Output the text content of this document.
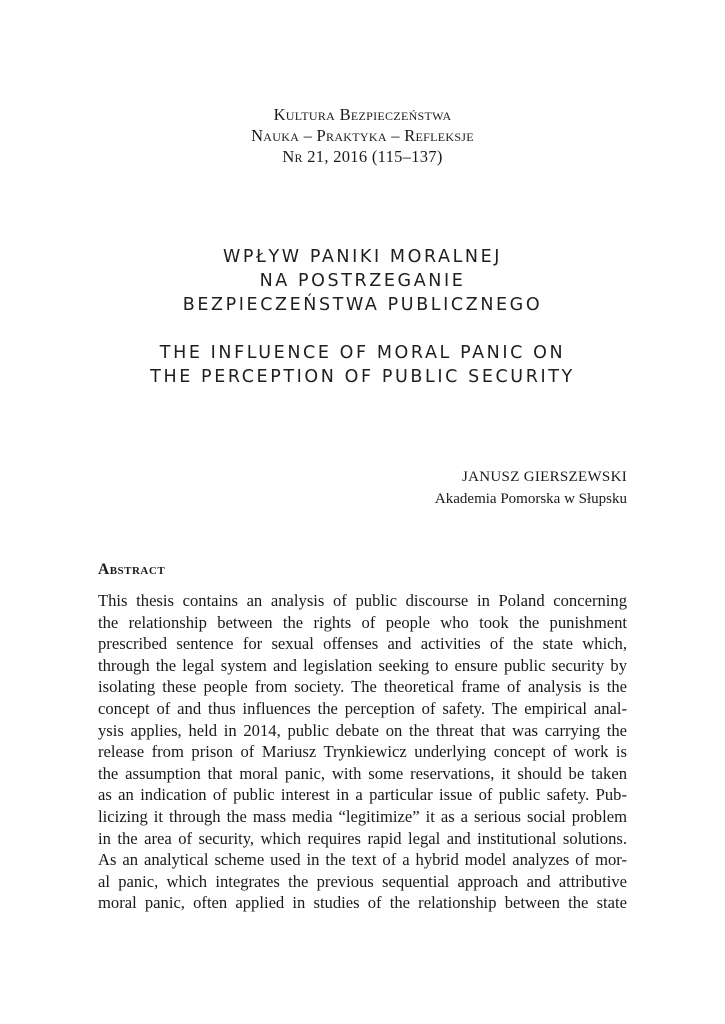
Kultura Bezpieczeństwa
Nauka – Praktyka – Refleksje
Nr 21, 2016 (115–137)
WPŁYW PANIKI MORALNEJ
NA POSTRZEGANIE
BEZPIECZEŃSTWA PUBLICZNEGO
THE INFLUENCE OF MORAL PANIC ON
THE PERCEPTION OF PUBLIC SECURITY
JANUSZ GIERSZEWSKI
Akademia Pomorska w Słupsku
Abstract
This thesis contains an analysis of public discourse in Poland concerning
the relationship between the rights of people who took the punishment
prescribed sentence for sexual offenses and activities of the state which,
through the legal system and legislation seeking to ensure public security by
isolating these people from society. The theoretical frame of analysis is the
concept of and thus influences the perception of safety. The empirical anal-
ysis applies, held in 2014, public debate on the threat that was carrying the
release from prison of Mariusz Trynkiewicz underlying concept of work is
the assumption that moral panic, with some reservations, it should be taken
as an indication of public interest in a particular issue of public safety. Pub-
licizing it through the mass media “legitimize” it as a serious social problem
in the area of security, which requires rapid legal and institutional solutions.
As an analytical scheme used in the text of a hybrid model analyzes of mor-
al panic, which integrates the previous sequential approach and attributive
moral panic, often applied in studies of the relationship between the state
